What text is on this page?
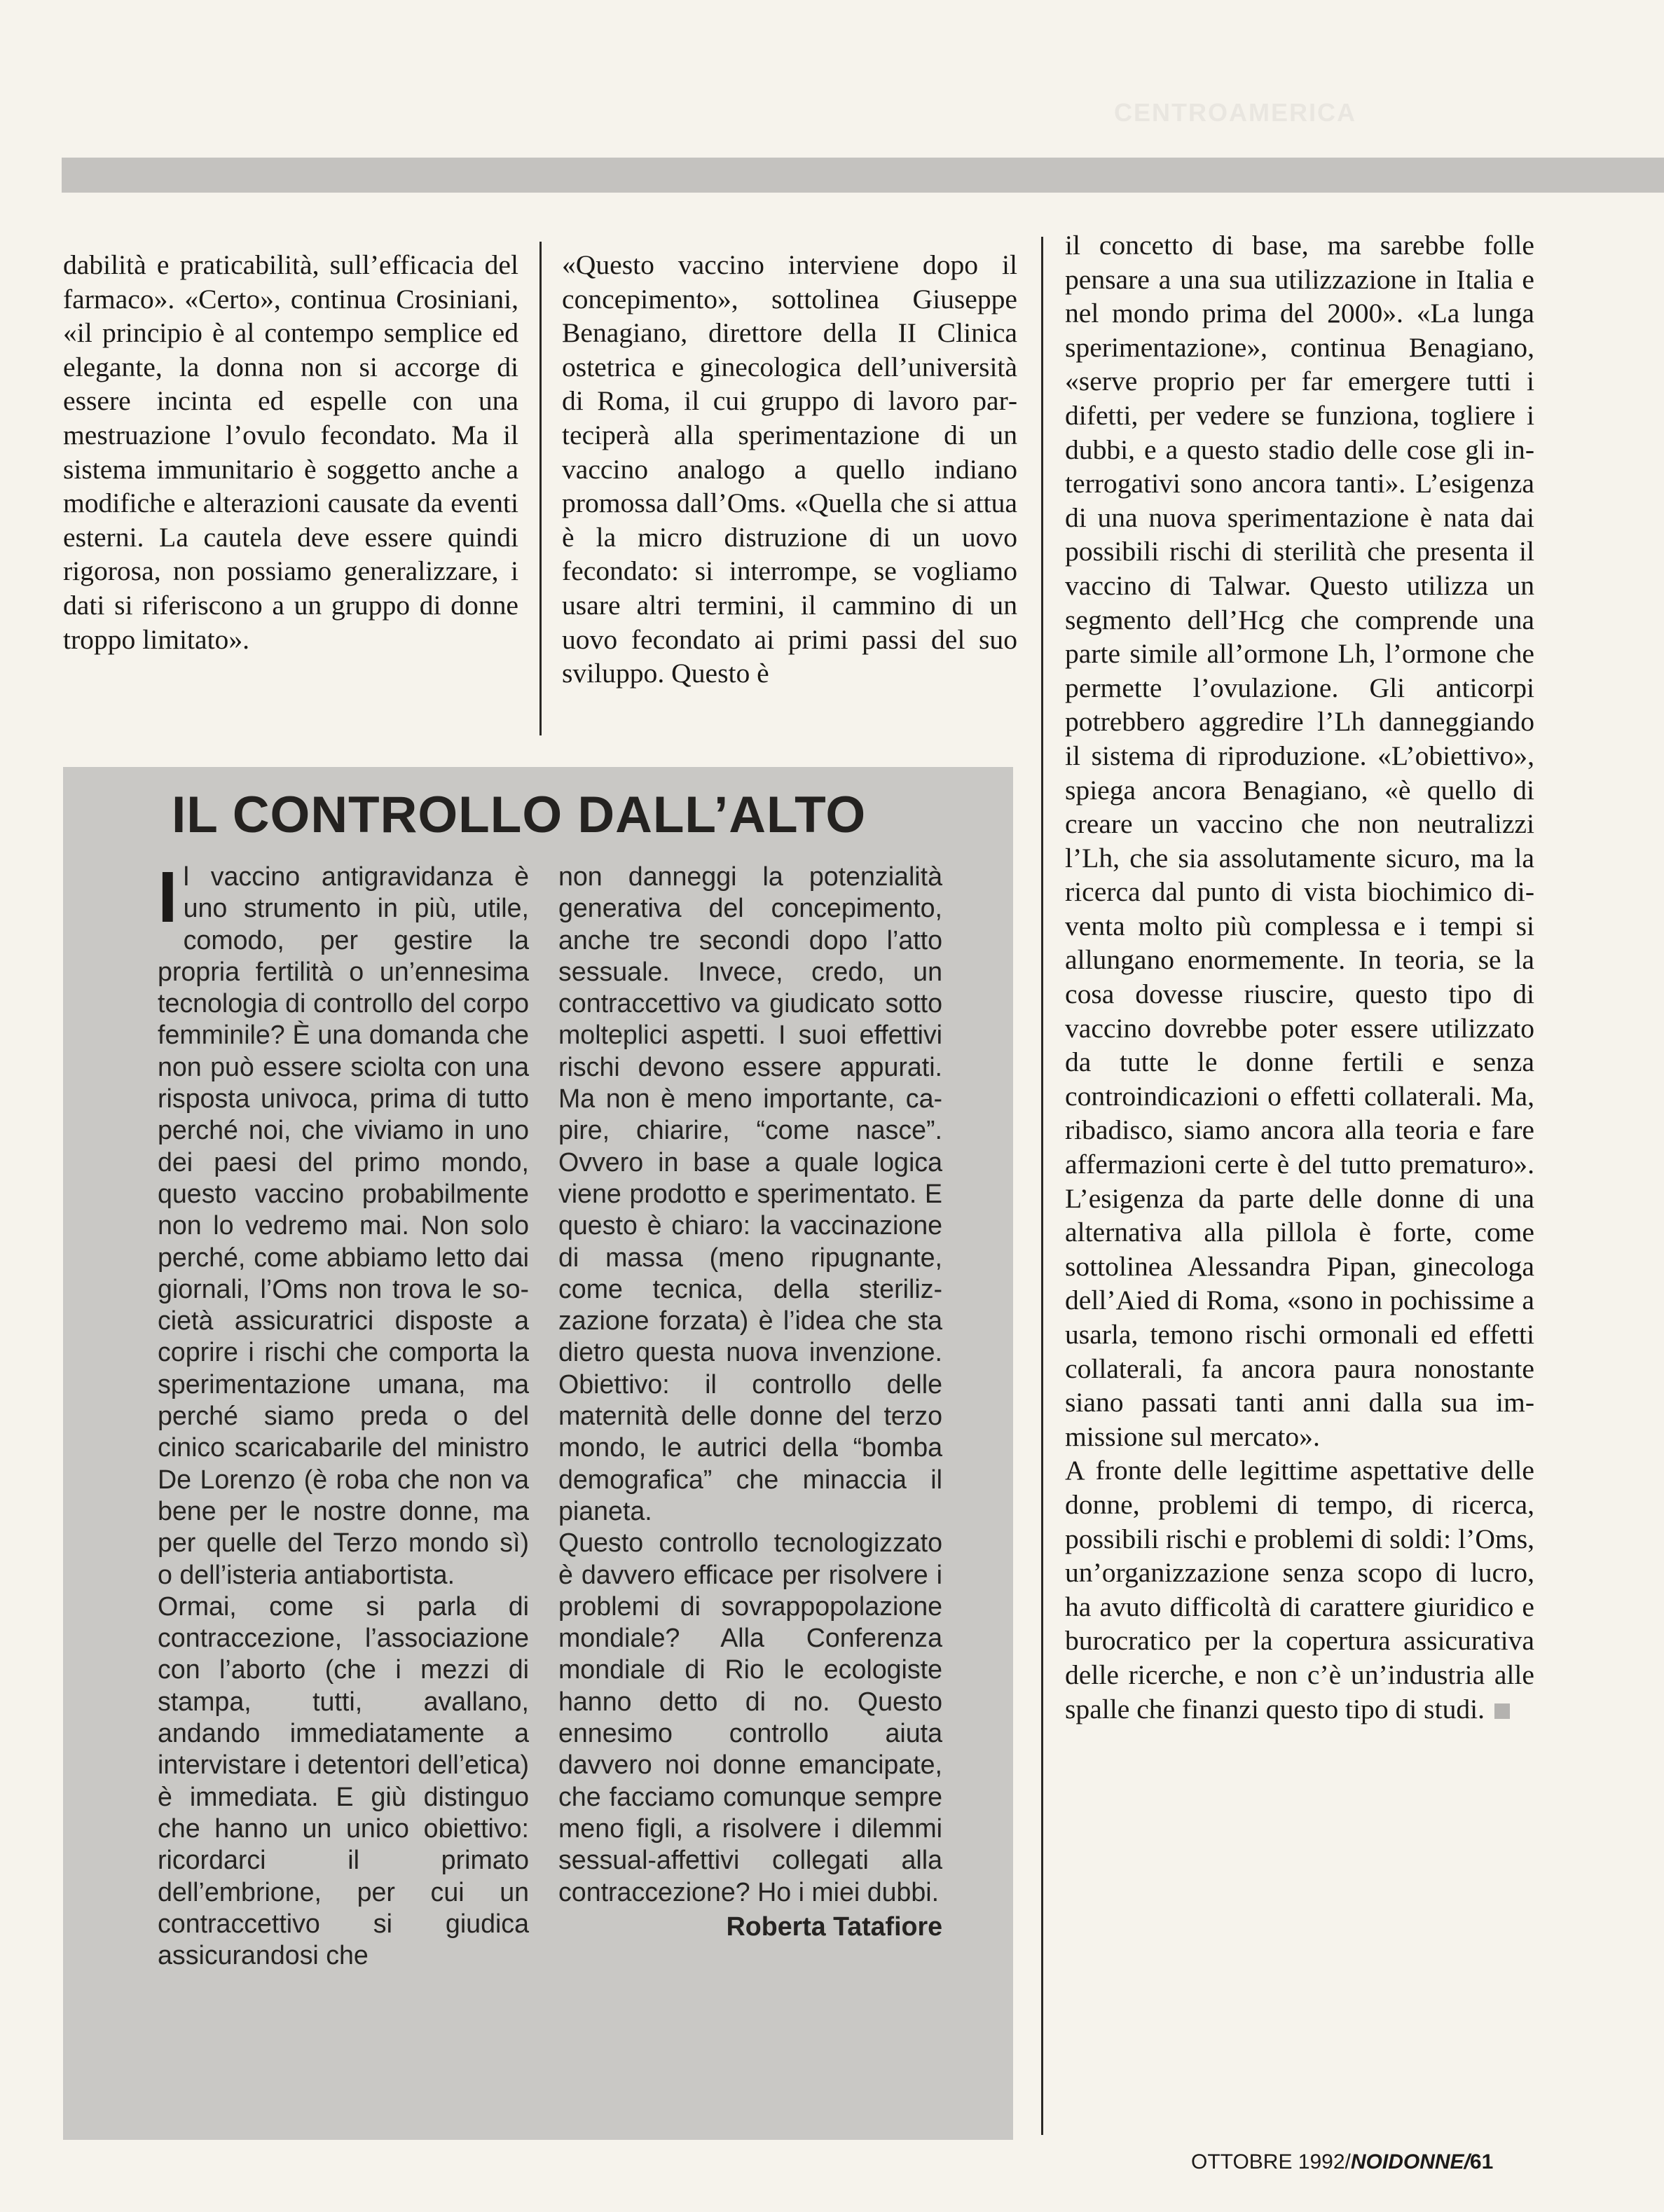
CENTROAMERICA

dabilità e praticabilità, sull’efficacia del farmaco». «Certo», continua Crosiniani, «il principio è al contempo semplice ed elegante, la donna non si accorge di essere incinta ed espelle con una mestruazione l’ovulo fecondato. Ma il sistema immunitario è soggetto anche a modifiche e alterazioni causate da eventi esterni. La cautela deve essere quindi rigorosa, non possiamo generalizzare, i dati si riferiscono a un gruppo di donne troppo limitato».

«Questo vaccino interviene dopo il concepimento», sottolinea Giuseppe Benagiano, direttore della II Clinica ostetrica e ginecologica dell’università di Roma, il cui gruppo di lavoro parteciperà alla sperimentazione di un vaccino analogo a quello indiano promossa dall’Oms. «Quella che si attua è la micro distruzione di un uovo fecondato: si interrompe, se vogliamo usare altri termini, il cammino di un uovo fecondato ai primi passi del suo sviluppo. Questo è

il concetto di base, ma sarebbe folle pensare a una sua utilizzazione in Italia e nel mondo prima del 2000». «La lunga sperimentazione», continua Benagiano, «serve proprio per far emergere tutti i difetti, per vedere se funziona, togliere i dubbi, e a questo stadio delle cose gli interrogativi sono ancora tanti». L’esigenza di una nuova sperimentazione è nata dai possibili rischi di sterilità che presenta il vaccino di Talwar. Questo utilizza un segmento dell’Hcg che comprende una parte simile all’ormone Lh, l’ormone che permette l’ovulazione. Gli anticorpi potrebbero aggredire l’Lh danneggiando il sistema di riproduzione. «L’obiettivo», spiega ancora Benagiano, «è quello di creare un vaccino che non neutralizzi l’Lh, che sia assolutamente sicuro, ma la ricerca dal punto di vista biochimico diventa molto più complessa e i tempi si allungano enormemente. In teoria, se la cosa dovesse riuscire, questo tipo di vaccino dovrebbe poter essere utilizzato da tutte le donne fertili e senza controindicazioni o effetti collaterali. Ma, ribadisco, siamo ancora alla teoria e fare affermazioni certe è del tutto prematuro». L’esigenza da parte delle donne di una alternativa alla pillola è forte, come sottolinea Alessandra Pipan, ginecologa dell’Aied di Roma, «sono in pochissime a usarla, temono rischi ormonali ed effetti collaterali, fa ancora paura nonostante siano passati tanti anni dalla sua immissione sul mercato».

A fronte delle legittime aspettative delle donne, problemi di tempo, di ricerca, possibili rischi e problemi di soldi: l’Oms, un’organizzazione senza scopo di lucro, ha avuto difficoltà di carattere giuridico e burocratico per la copertura assicurativa delle ricerche, e non c’è un’industria alle spalle che finanzi questo tipo di studi.

IL CONTROLLO DALL’ALTO

Il vaccino antigravidanza è uno strumento in più, utile, comodo, per gestire la propria fertilità o un’ennesima tecnologia di controllo del corpo femminile? È una domanda che non può essere sciolta con una risposta univoca, prima di tutto perché noi, che viviamo in uno dei paesi del primo mondo, questo vaccino probabilmente non lo vedremo mai. Non solo perché, come abbiamo letto dai giornali, l’Oms non trova le società assicuratrici disposte a coprire i rischi che comporta la sperimentazione umana, ma perché siamo preda o del cinico scaricabarile del ministro De Lorenzo (è roba che non va bene per le nostre donne, ma per quelle del Terzo mondo sì) o dell’isteria antiabortista.

Ormai, come si parla di contraccezione, l’associazione con l’aborto (che i mezzi di stampa, tutti, avallano, andando immediatamente a intervistare i detentori dell’etica) è immediata. E giù distinguo che hanno un unico obiettivo: ricordarci il primato dell’embrione, per cui un contraccettivo si giudica assicurandosi che

non danneggi la potenzialità generativa del concepimento, anche tre secondi dopo l’atto sessuale. Invece, credo, un contraccettivo va giudicato sotto molteplici aspetti. I suoi effettivi rischi devono essere appurati. Ma non è meno importante, capire, chiarire, “come nasce”. Ovvero in base a quale logica viene prodotto e sperimentato. E questo è chiaro: la vaccinazione di massa (meno ripugnante, come tecnica, della sterilizzazione forzata) è l’idea che sta dietro questa nuova invenzione. Obiettivo: il controllo delle maternità delle donne del terzo mondo, le autrici della “bomba demografica” che minaccia il pianeta.

Questo controllo tecnologizzato è davvero efficace per risolvere i problemi di sovrappopolazione mondiale? Alla Conferenza mondiale di Rio le ecologiste hanno detto di no. Questo ennesimo controllo aiuta davvero noi donne emancipate, che facciamo comunque sempre meno figli, a risolvere i dilemmi sessual-affettivi collegati alla contraccezione? Ho i miei dubbi.

Roberta Tatafiore

OTTOBRE 1992/NOIDONNE/61
